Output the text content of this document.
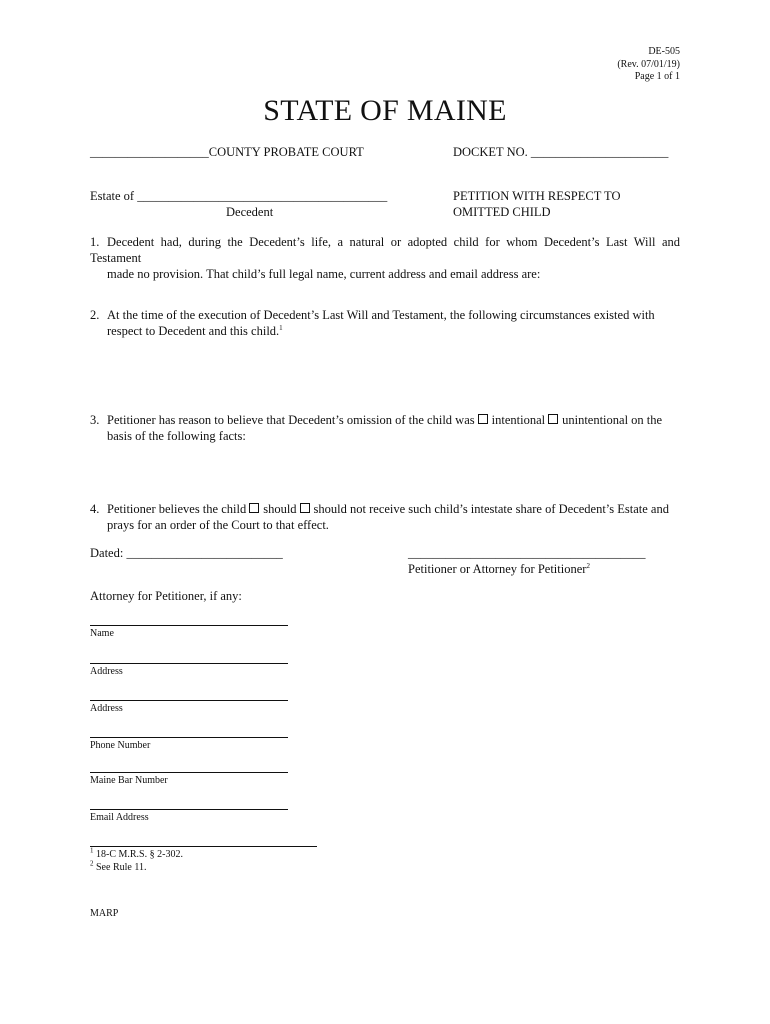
DE-505
(Rev. 07/01/19)
Page 1 of 1
STATE OF MAINE
___________________COUNTY PROBATE COURT	DOCKET NO. ______________________
Estate of ________________________________________
Decedent
PETITION WITH RESPECT TO
OMITTED CHILD
1. Decedent had, during the Decedent’s life, a natural or adopted child for whom Decedent’s Last Will and Testament
made no provision. That child’s full legal name, current address and email address are:
2. At the time of the execution of Decedent’s Last Will and Testament, the following circumstances existed with
respect to Decedent and this child.$^1$
3. Petitioner has reason to believe that Decedent’s omission of the child was intentional unintentional on the
basis of the following facts:
4. Petitioner believes the child should should not receive such child’s intestate share of Decedent’s Estate and
prays for an order of the Court to that effect.
Dated: _________________________	______________________________________
Petitioner or Attorney for Petitioner$^2$
Attorney for Petitioner, if any:
Name
Address
Address
Phone Number
Maine Bar Number
Email Address
$^1$ 18-C M.R.S. § 2-302.
$^2$ See Rule 11.
MARP
